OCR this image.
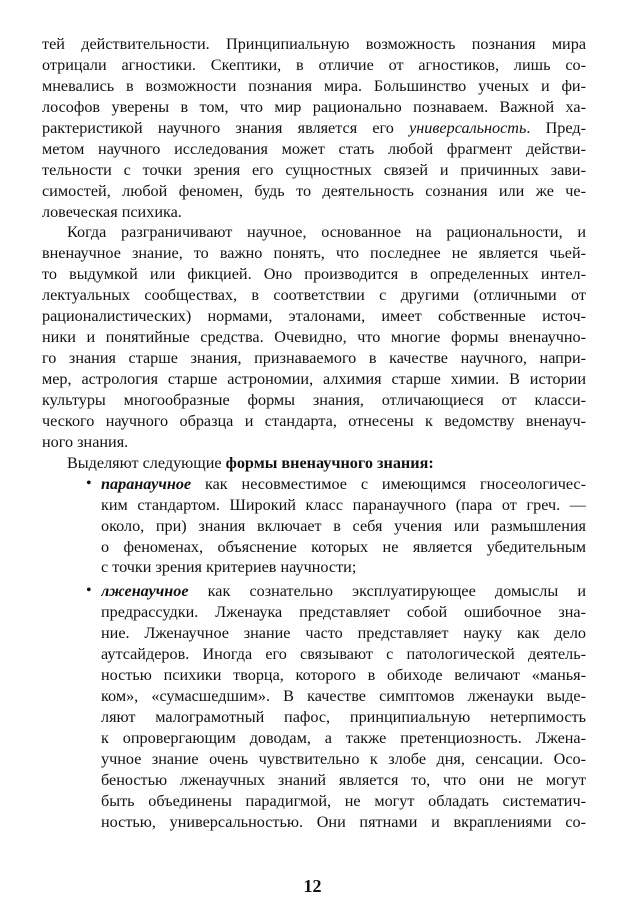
тей действительности. Принципиальную возможность познания мира
отрицали агностики. Скептики, в отличие от агностиков, лишь со-
мневались в возможности познания мира. Большинство ученых и фи-
лософов уверены в том, что мир рационально познаваем. Важной ха-
рактеристикой научного знания является его универсальность. Пред-
метом научного исследования может стать любой фрагмент действи-
тельности с точки зрения его сущностных связей и причинных зави-
симостей, любой феномен, будь то деятельность сознания или же че-
ловеческая психика.
Когда разграничивают научное, основанное на рациональности, и
вненаучное знание, то важно понять, что последнее не является чьей-
то выдумкой или фикцией. Оно производится в определенных интел-
лектуальных сообществах, в соответствии с другими (отличными от
рационалистических) нормами, эталонами, имеет собственные источ-
ники и понятийные средства. Очевидно, что многие формы вненаучно-
го знания старше знания, признаваемого в качестве научного, напри-
мер, астрология старше астрономии, алхимия старше химии. В истории
культуры многообразные формы знания, отличающиеся от класси-
ческого научного образца и стандарта, отнесены к ведомству вненауч-
ного знания.
Выделяют следующие формы вненаучного знания:
•
паранаучное как несовместимое с имеющимся гносеологичес-
ким стандартом. Широкий класс паранаучного (пара от греч. —
около, при) знания включает в себя учения или размышления
о феноменах, объяснение которых не является убедительным
с точки зрения критериев научности;
•
лженаучное как сознательно эксплуатирующее домыслы и
предрассудки. Лженаука представляет собой ошибочное зна-
ние. Лженаучное знание часто представляет науку как дело
аутсайдеров. Иногда его связывают с патологической деятель-
ностью психики творца, которого в обиходе величают «манья-
ком», «сумасшедшим». В качестве симптомов лженауки выде-
ляют малограмотный пафос, принципиальную нетерпимость
к опровергающим доводам, а также претенциозность. Лжена-
учное знание очень чувствительно к злобе дня, сенсации. Осо-
беностью лженаучных знаний является то, что они не могут
быть объединены парадигмой, не могут обладать систематич-
ностью, универсальностью. Они пятнами и вкраплениями со-
12
